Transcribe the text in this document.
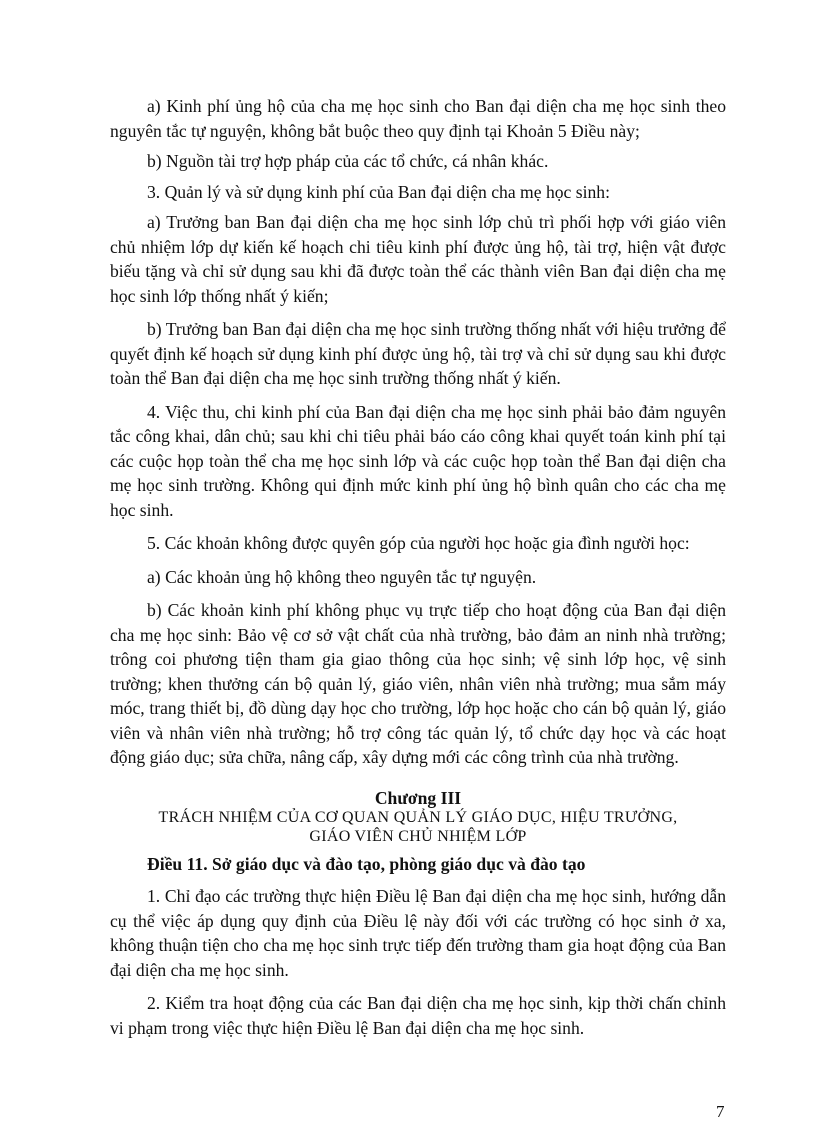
a) Kinh phí ủng hộ của cha mẹ học sinh cho Ban đại diện cha mẹ học sinh theo nguyên tắc tự nguyện, không bắt buộc theo quy định tại Khoản 5 Điều này;

b) Nguồn tài trợ hợp pháp của các tổ chức, cá nhân khác.

3. Quản lý và sử dụng kinh phí của Ban đại diện cha mẹ học sinh:

a) Trưởng ban Ban đại diện cha mẹ học sinh lớp chủ trì phối hợp với giáo viên chủ nhiệm lớp dự kiến kế hoạch chi tiêu kinh phí được ủng hộ, tài trợ, hiện vật được biếu tặng và chỉ sử dụng sau khi đã được toàn thể các thành viên Ban đại diện cha mẹ học sinh lớp thống nhất ý kiến;

b) Trưởng ban Ban đại diện cha mẹ học sinh trường thống nhất với hiệu trưởng để quyết định kế hoạch sử dụng kinh phí được ủng hộ, tài trợ và chỉ sử dụng sau khi được toàn thể Ban đại diện cha mẹ học sinh trường thống nhất ý kiến.

4. Việc thu, chi kinh phí của Ban đại diện cha mẹ học sinh phải bảo đảm nguyên tắc công khai, dân chủ; sau khi chi tiêu phải báo cáo công khai quyết toán kinh phí tại các cuộc họp toàn thể cha mẹ học sinh lớp và các cuộc họp toàn thể Ban đại diện cha mẹ học sinh trường. Không qui định mức kinh phí ủng hộ bình quân cho các cha mẹ học sinh.

5. Các khoản không được quyên góp của người học hoặc gia đình người học:

a) Các khoản ủng hộ không theo nguyên tắc tự nguyện.

b) Các khoản kinh phí không phục vụ trực tiếp cho hoạt động của Ban đại diện cha mẹ học sinh: Bảo vệ cơ sở vật chất của nhà trường, bảo đảm an ninh nhà trường; trông coi phương tiện tham gia giao thông của học sinh; vệ sinh lớp học, vệ sinh trường; khen thưởng cán bộ quản lý, giáo viên, nhân viên nhà trường; mua sắm máy móc, trang thiết bị, đồ dùng dạy học cho trường, lớp học hoặc cho cán bộ quản lý, giáo viên và nhân viên nhà trường; hỗ trợ công tác quản lý, tổ chức dạy học và các hoạt động giáo dục; sửa chữa, nâng cấp, xây dựng mới các công trình của nhà trường.

Chương III

TRÁCH NHIỆM CỦA CƠ QUAN QUẢN LÝ GIÁO DỤC, HIỆU TRƯỞNG,

GIÁO VIÊN CHỦ NHIỆM LỚP

Điều 11. Sở giáo dục và đào tạo, phòng giáo dục và đào tạo

1. Chỉ đạo các trường thực hiện Điều lệ Ban đại diện cha mẹ học sinh, hướng dẫn cụ thể việc áp dụng quy định của Điều lệ này đối với các trường có học sinh ở xa, không thuận tiện cho cha mẹ học sinh trực tiếp đến trường tham gia hoạt động của Ban đại diện cha mẹ học sinh.

2. Kiểm tra hoạt động của các Ban đại diện cha mẹ học sinh, kịp thời chấn chỉnh vi phạm trong việc thực hiện Điều lệ Ban đại diện cha mẹ học sinh.

7
